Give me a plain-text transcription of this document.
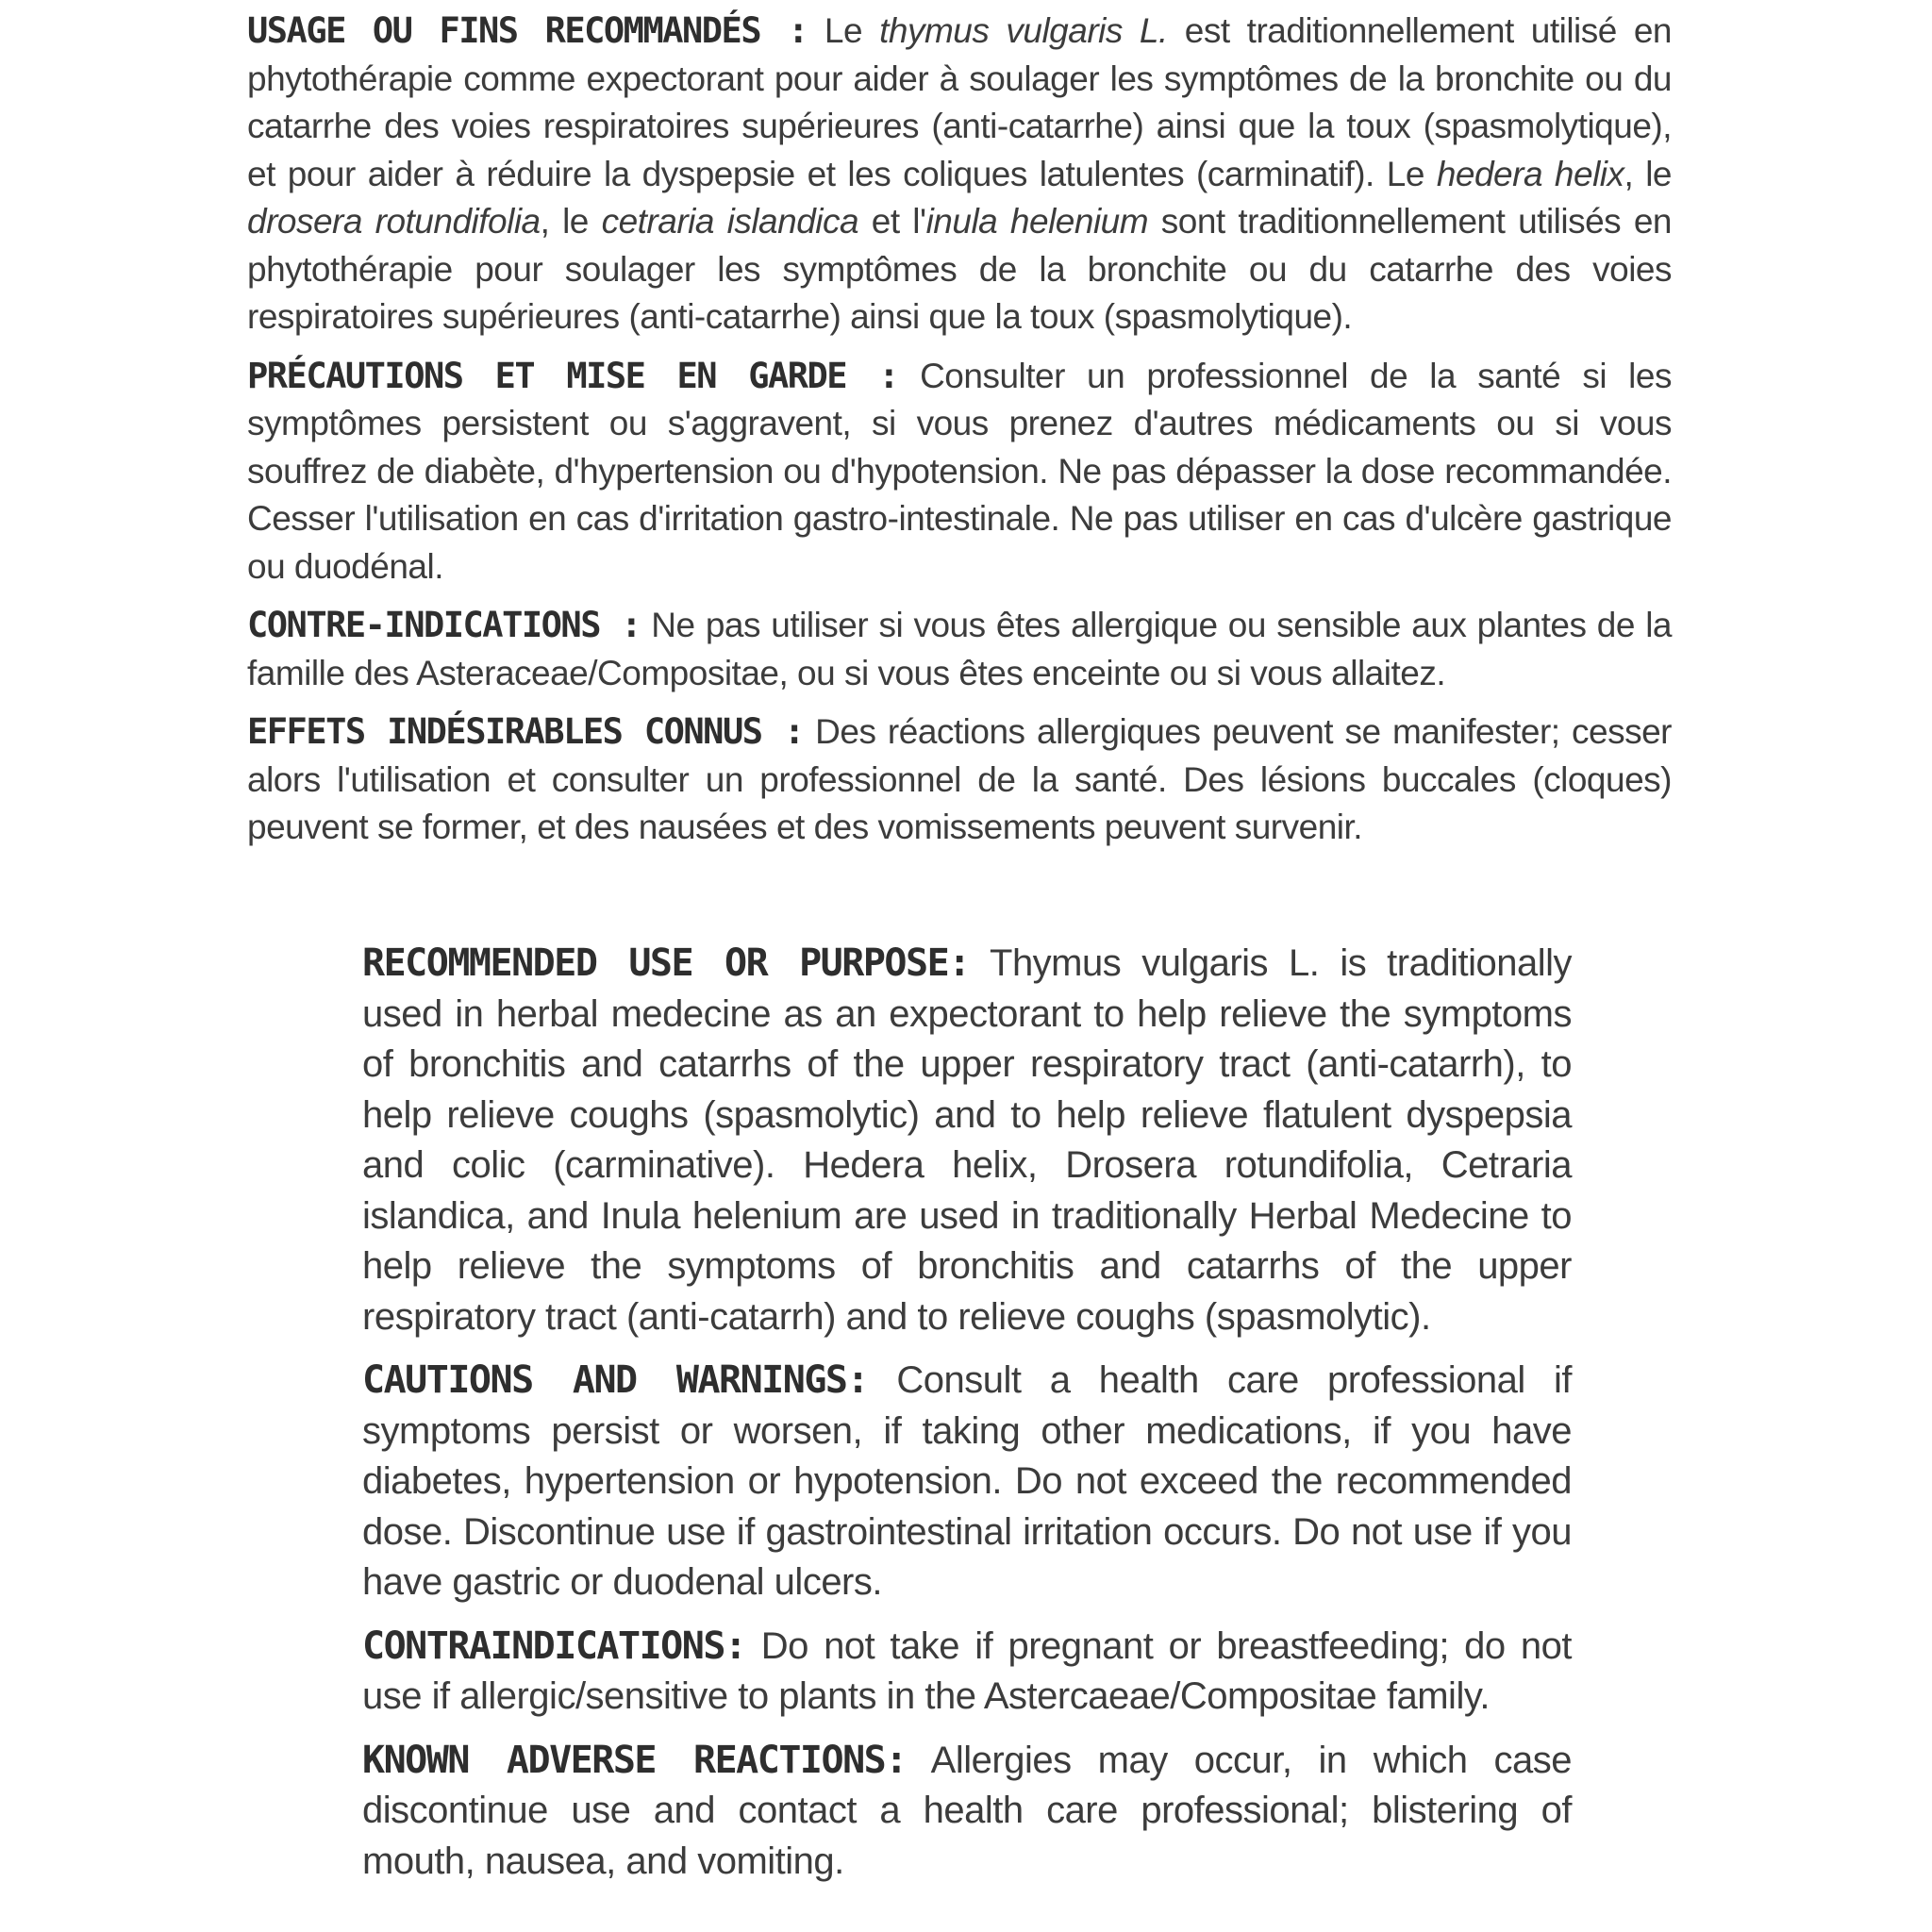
USAGE OU FINS RECOMMANDÉS : Le thymus vulgaris L. est traditionnellement utilisé en phytothérapie comme expectorant pour aider à soulager les symptômes de la bronchite ou du catarrhe des voies respiratoires supérieures (anti-catarrhe) ainsi que la toux (spasmolytique), et pour aider à réduire la dyspepsie et les coliques latulentes (carminatif). Le hedera helix, le drosera rotundifolia, le cetraria islandica et l'inula helenium sont traditionnellement utilisés en phytothérapie pour soulager les symptômes de la bronchite ou du catarrhe des voies respiratoires supérieures (anti-catarrhe) ainsi que la toux (spasmolytique).

PRÉCAUTIONS ET MISE EN GARDE : Consulter un professionnel de la santé si les symptômes persistent ou s'aggravent, si vous prenez d'autres médicaments ou si vous souffrez de diabète, d'hypertension ou d'hypotension. Ne pas dépasser la dose recommandée. Cesser l'utilisation en cas d'irritation gastro-intestinale. Ne pas utiliser en cas d'ulcère gastrique ou duodénal.

CONTRE-INDICATIONS : Ne pas utiliser si vous êtes allergique ou sensible aux plantes de la famille des Asteraceae/Compositae, ou si vous êtes enceinte ou si vous allaitez.

EFFETS INDÉSIRABLES CONNUS : Des réactions allergiques peuvent se manifester; cesser alors l'utilisation et consulter un professionnel de la santé. Des lésions buccales (cloques) peuvent se former, et des nausées et des vomissements peuvent survenir.

RECOMMENDED USE OR PURPOSE: Thymus vulgaris L. is traditionally used in herbal medecine as an expectorant to help relieve the symptoms of bronchitis and catarrhs of the upper respiratory tract (anti-catarrh), to help relieve coughs (spasmolytic) and to help relieve flatulent dyspepsia and colic (carminative). Hedera helix, Drosera rotundifolia, Cetraria islandica, and Inula helenium are used in traditionally Herbal Medecine to help relieve the symptoms of bronchitis and catarrhs of the upper respiratory tract (anti-catarrh) and to relieve coughs (spasmolytic).

CAUTIONS AND WARNINGS: Consult a health care professional if symptoms persist or worsen, if taking other medications, if you have diabetes, hypertension or hypotension. Do not exceed the recommended dose. Discontinue use if gastrointestinal irritation occurs. Do not use if you have gastric or duodenal ulcers.

CONTRAINDICATIONS: Do not take if pregnant or breastfeeding; do not use if allergic/sensitive to plants in the Astercaeae/Compositae family.

KNOWN ADVERSE REACTIONS: Allergies may occur, in which case discontinue use and contact a health care professional; blistering of mouth, nausea, and vomiting.
